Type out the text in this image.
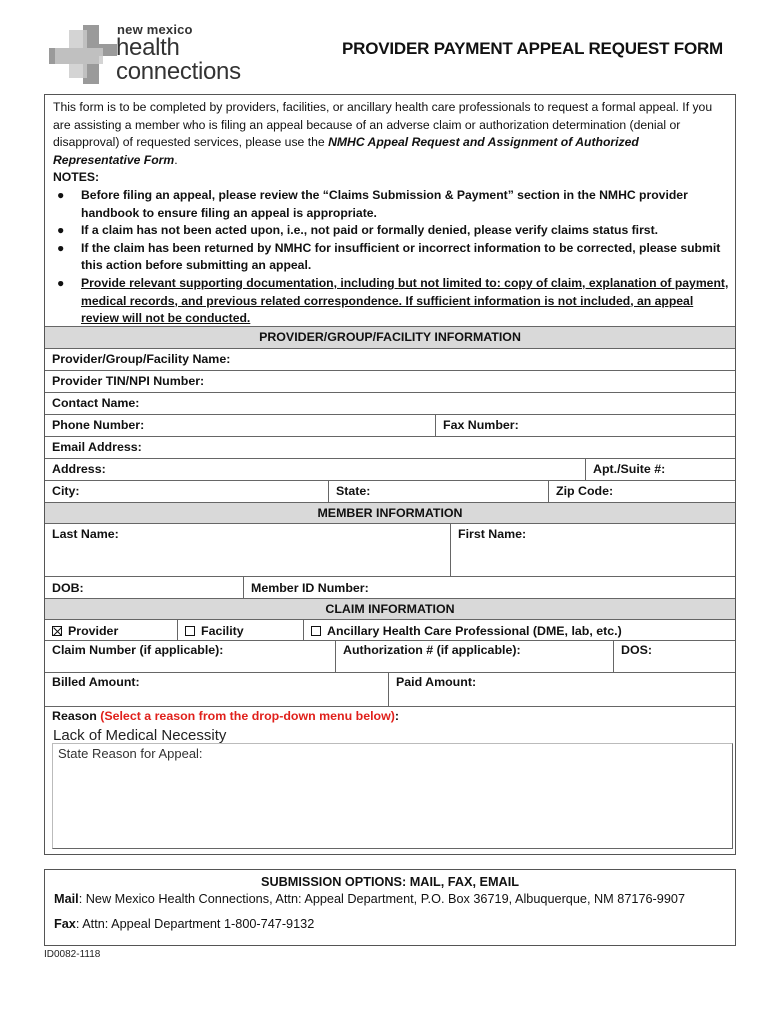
new mexico
health
connections
PROVIDER PAYMENT APPEAL REQUEST FORM

This form is to be completed by providers, facilities, or ancillary health care professionals to request a formal appeal. If you are assisting a member who is filing an appeal because of an adverse claim or authorization determination (denial or disapproval) of requested services, please use the NMHC Appeal Request and Assignment of Authorized Representative Form.

NOTES:

● Before filing an appeal, please review the “Claims Submission & Payment” section in the NMHC provider handbook to ensure filing an appeal is appropriate.
● If a claim has not been acted upon, i.e., not paid or formally denied, please verify claims status first.
● If the claim has been returned by NMHC for insufficient or incorrect information to be corrected, please submit this action before submitting an appeal.
● Provide relevant supporting documentation, including but not limited to: copy of claim, explanation of payment, medical records, and previous related correspondence. If sufficient information is not included, an appeal review will not be conducted.
PROVIDER/GROUP/FACILITY INFORMATION
Provider/Group/Facility Name:
Provider TIN/NPI Number:
Contact Name:
Phone Number:	Fax Number:
Email Address:
Address:	Apt./Suite #:
City:	State:	Zip Code:
MEMBER INFORMATION
Last Name:	First Name:
DOB:	Member ID Number:
CLAIM INFORMATION
Provider	Facility	Ancillary Health Care Professional (DME, lab, etc.)
Claim Number (if applicable):	Authorization # (if applicable):	DOS:
Billed Amount:	Paid Amount:
Reason (Select a reason from the drop-down menu below):
Lack of Medical Necessity
State Reason for Appeal:
SUBMISSION OPTIONS: MAIL, FAX, EMAIL
Mail: New Mexico Health Connections, Attn: Appeal Department, P.O. Box 36719, Albuquerque, NM 87176-9907
Fax: Attn: Appeal Department 1-800-747-9132
ID0082-1118
